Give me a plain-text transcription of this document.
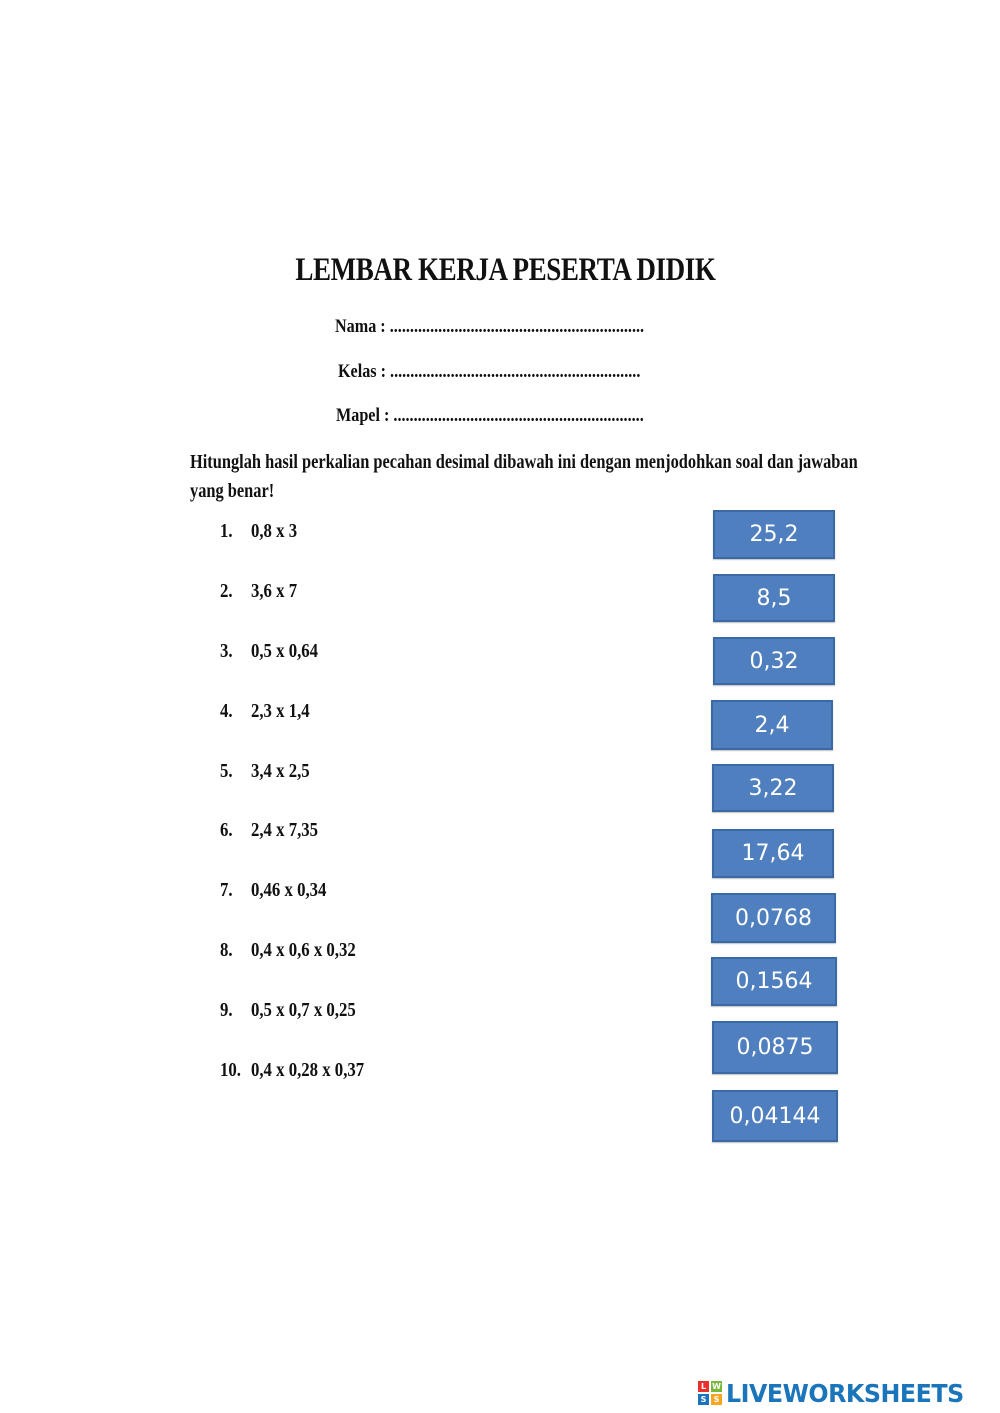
LEMBAR KERJA PESERTA DIDIK
Nama : ...............................................................
Kelas : ..............................................................
Mapel : ..............................................................
Hitunglah hasil perkalian pecahan desimal dibawah ini dengan menjodohkan soal dan jawaban yang benar!
1. 0,8 x 3
2. 3,6 x 7
3. 0,5 x 0,64
4. 2,3 x 1,4
5. 3,4 x 2,5
6. 2,4 x 7,35
7. 0,46 x 0,34
8. 0,4 x 0,6 x 0,32
9. 0,5 x 0,7 x 0,25
10. 0,4 x 0,28 x 0,37
25,2
8,5
0,32
2,4
3,22
17,64
0,0768
0,1564
0,0875
0,04144
L W
S S LIVEWORKSHEETS
